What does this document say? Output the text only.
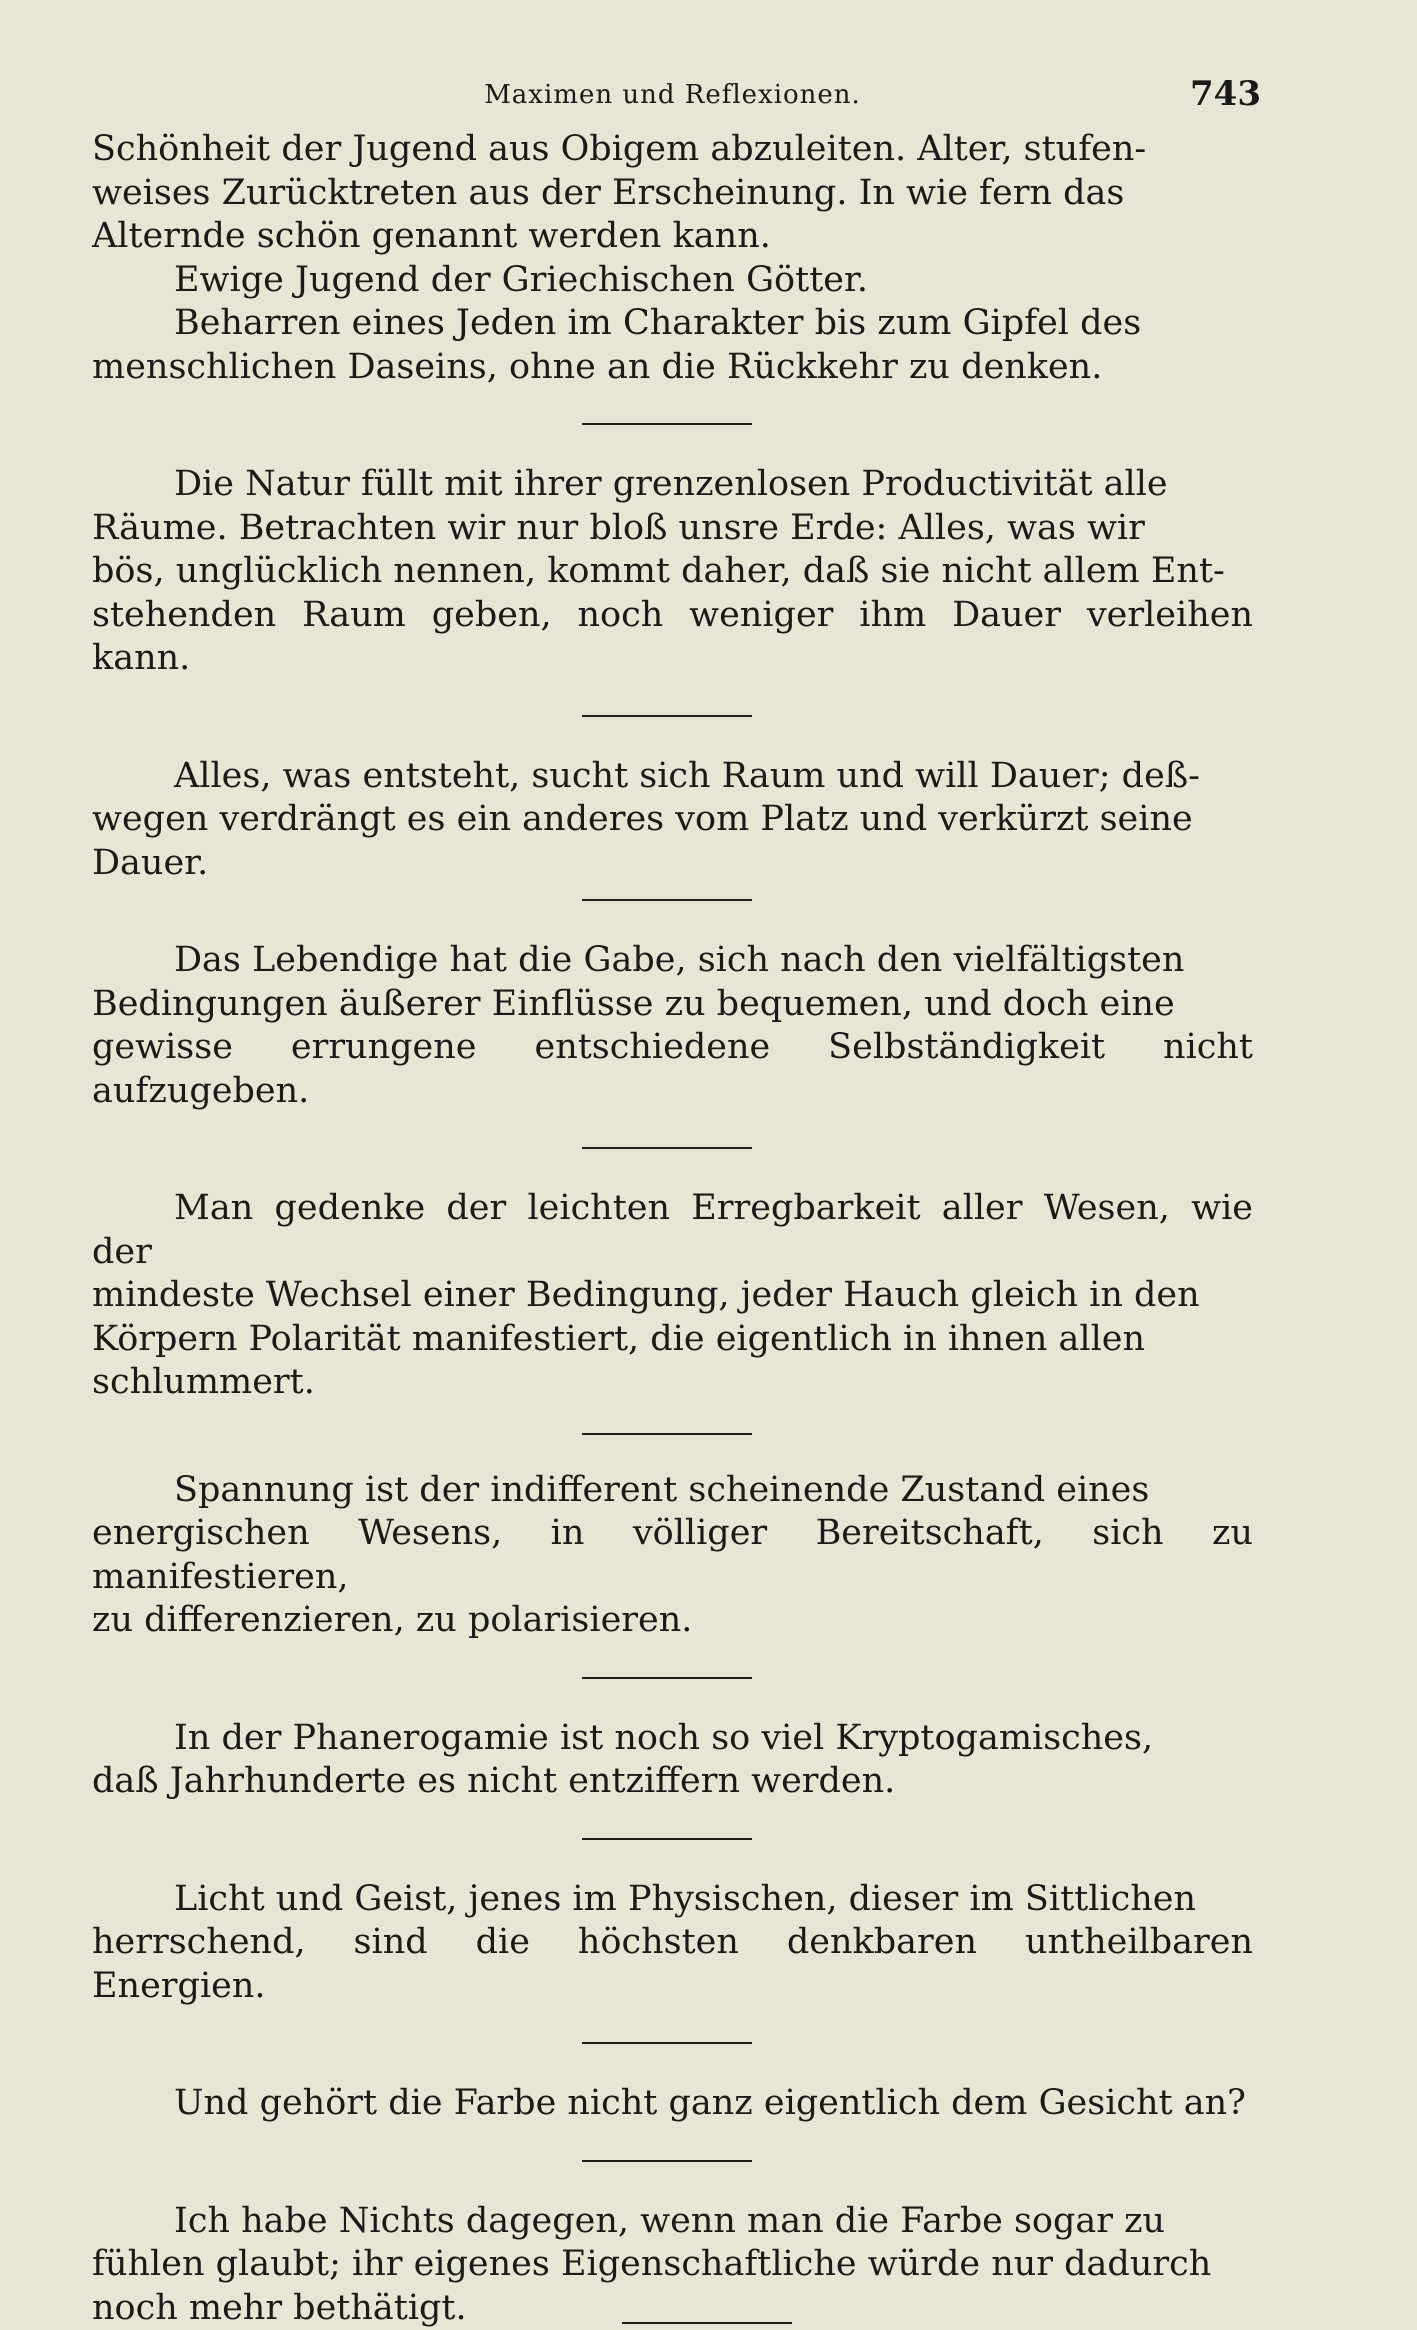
Maximen und Reflexionen.	743

Schönheit der Jugend aus Obigem abzuleiten. Alter, stufen-
weises Zurücktreten aus der Erscheinung. In wie fern das
Alternde schön genannt werden kann.

Ewige Jugend der Griechischen Götter.

Beharren eines Jeden im Charakter bis zum Gipfel des
menschlichen Daseins, ohne an die Rückkehr zu denken.

Die Natur füllt mit ihrer grenzenlosen Productivität alle
Räume. Betrachten wir nur bloß unsre Erde: Alles, was wir
bös, unglücklich nennen, kommt daher, daß sie nicht allem Ent-
stehenden Raum geben, noch weniger ihm Dauer verleihen kann.

Alles, was entsteht, sucht sich Raum und will Dauer; deß-
wegen verdrängt es ein anderes vom Platz und verkürzt seine
Dauer.

Das Lebendige hat die Gabe, sich nach den vielfältigsten
Bedingungen äußerer Einflüsse zu bequemen, und doch eine
gewisse errungene entschiedene Selbständigkeit nicht aufzugeben.

Man gedenke der leichten Erregbarkeit aller Wesen, wie der
mindeste Wechsel einer Bedingung, jeder Hauch gleich in den
Körpern Polarität manifestiert, die eigentlich in ihnen allen
schlummert.

Spannung ist der indifferent scheinende Zustand eines
energischen Wesens, in völliger Bereitschaft, sich zu manifestieren,
zu differenzieren, zu polarisieren.

In der Phanerogamie ist noch so viel Kryptogamisches,
daß Jahrhunderte es nicht entziffern werden.

Licht und Geist, jenes im Physischen, dieser im Sittlichen
herrschend, sind die höchsten denkbaren untheilbaren Energien.

Und gehört die Farbe nicht ganz eigentlich dem Gesicht an?

Ich habe Nichts dagegen, wenn man die Farbe sogar zu
fühlen glaubt; ihr eigenes Eigenschaftliche würde nur dadurch
noch mehr bethätigt.
